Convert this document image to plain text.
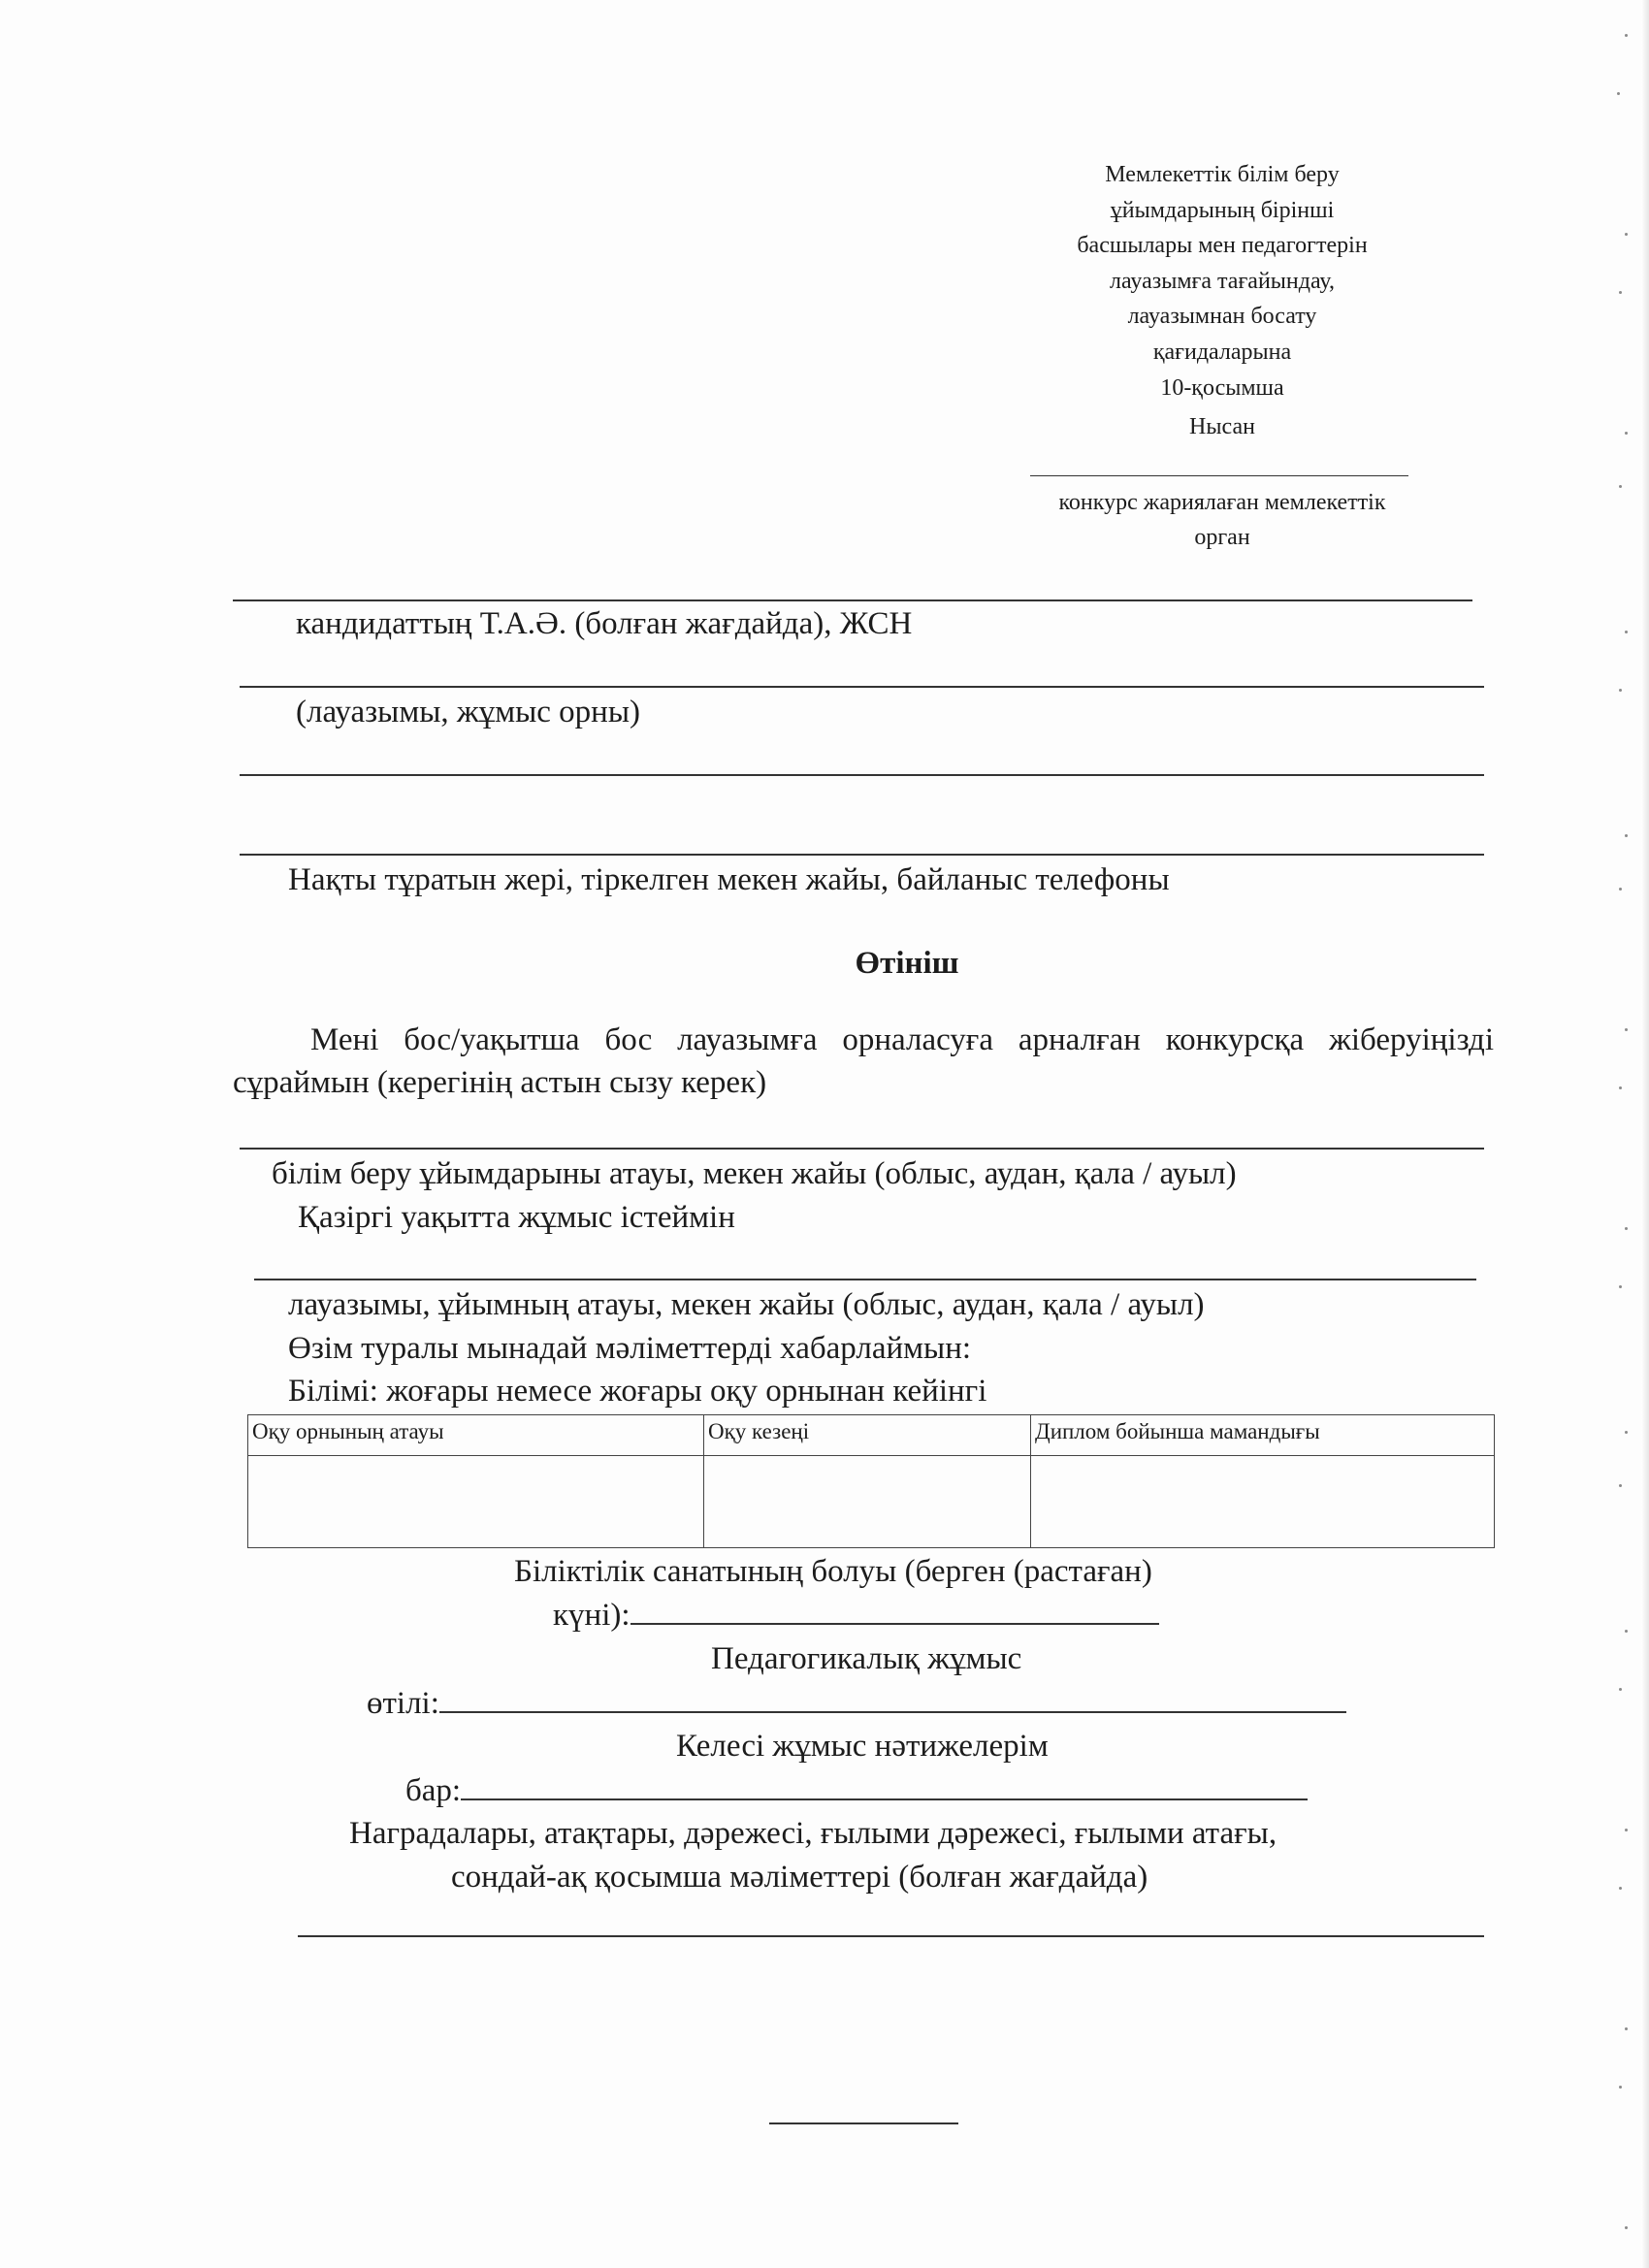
Мемлекеттік білім беру
ұйымдарының бірінші
басшылары мен педагогтерін
лауазымға тағайындау,
лауазымнан босату
қағидаларына
10-қосымша
Нысан
конкурс жариялаған мемлекеттік
орган
кандидаттың Т.А.Ә. (болған жағдайда), ЖСН
(лауазымы, жұмыс орны)
Нақты тұратын жері, тіркелген мекен жайы, байланыс телефоны
Өтініш
Мені бос/уақытша бос лауазымға орналасуға арналған конкурсқа жіберуіңізді сұраймын (керегінің астын сызу керек)
білім беру ұйымдарыны атауы, мекен жайы (облыс, аудан, қала / ауыл)
Қазіргі уақытта жұмыс істеймін
лауазымы, ұйымның атауы, мекен жайы (облыс, аудан, қала / ауыл)
Өзім туралы мынадай мәліметтерді хабарлаймын:
Білімі: жоғары немесе жоғары оқу орнынан кейінгі
Оқу орнының атауы	Оқу кезеңі	Диплом бойынша мамандығы

Біліктілік санатының болуы (берген (растаған)
күні):
Педагогикалық жұмыс
өтілі:
Келесі жұмыс нәтижелерім
бар:
Наградалары, атақтары, дәрежесі, ғылыми дәрежесі, ғылыми атағы,
сондай-ақ қосымша мәліметтері (болған жағдайда)
